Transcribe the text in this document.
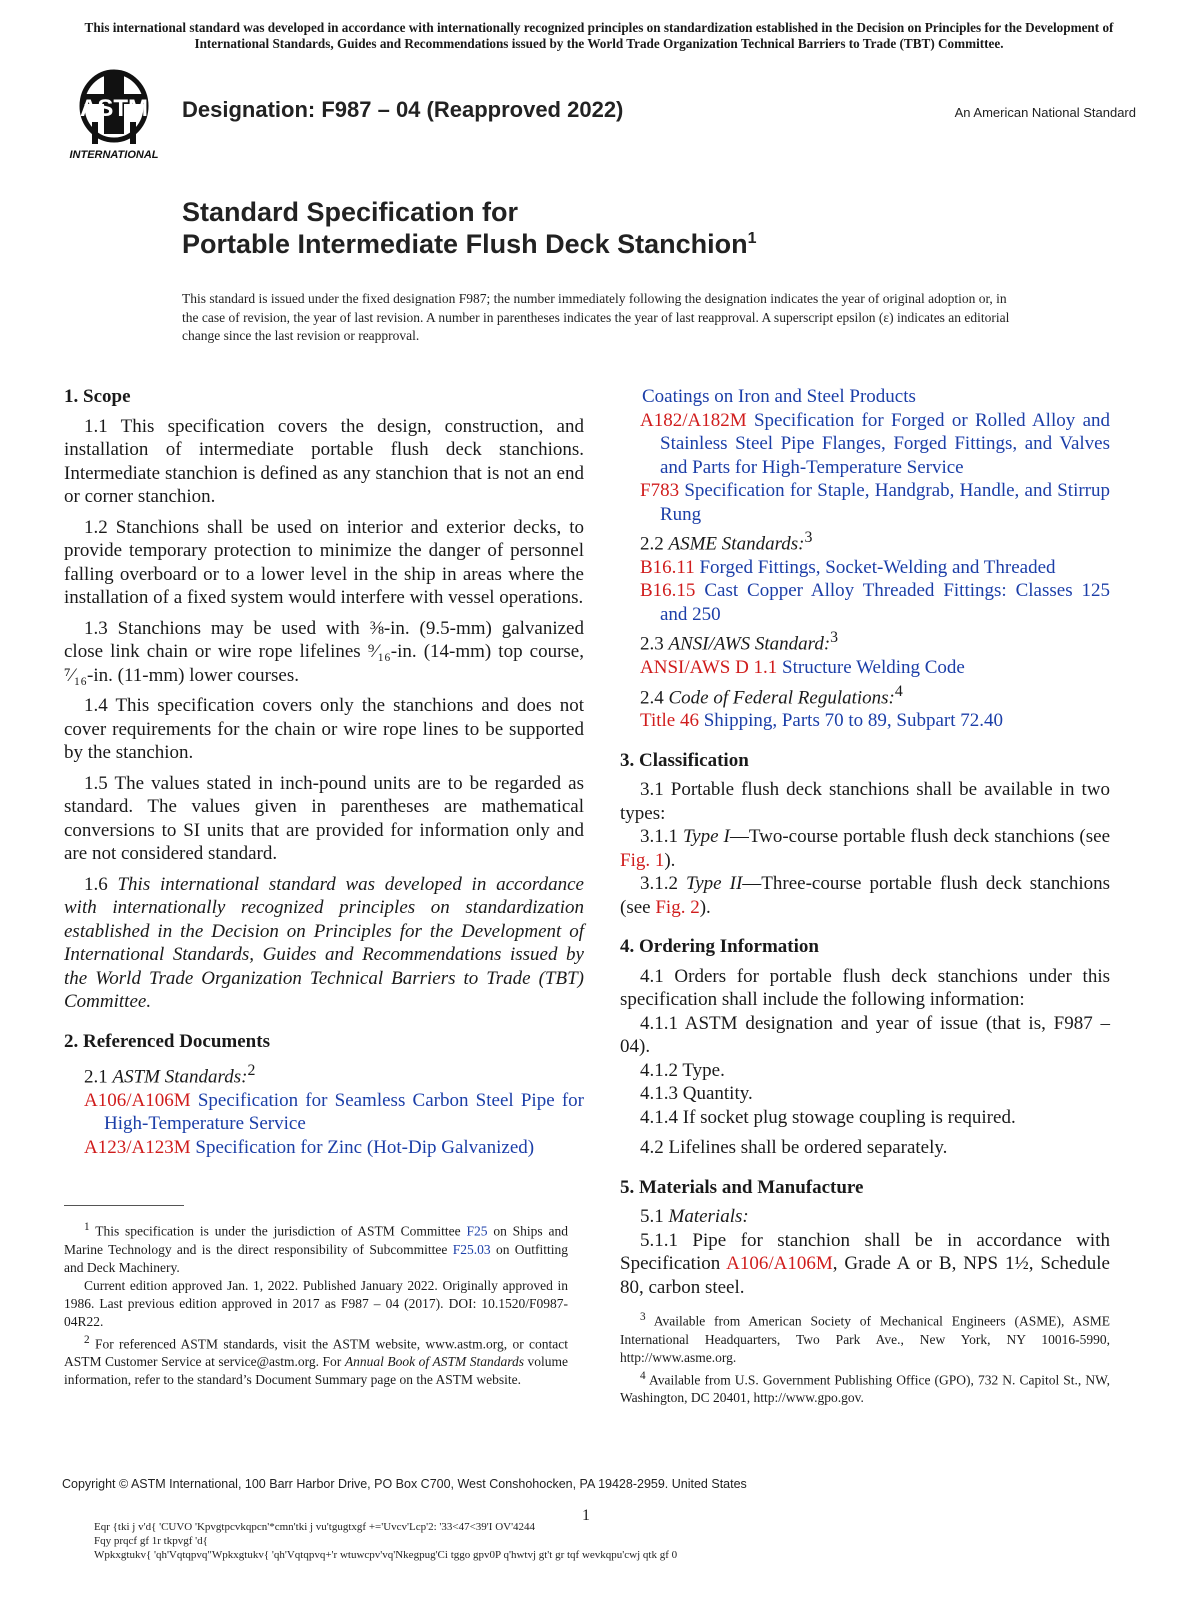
This international standard was developed in accordance with internationally recognized principles on standardization established in the Decision on Principles for the Development of International Standards, Guides and Recommendations issued by the World Trade Organization Technical Barriers to Trade (TBT) Committee.
ASTM
INTERNATIONAL
Designation: F987 – 04 (Reapproved 2022)	An American National Standard
Standard Specification for
Portable Intermediate Flush Deck Stanchion$^1$
This standard is issued under the fixed designation F987; the number immediately following the designation indicates the year of original adoption or, in the case of revision, the year of last revision. A number in parentheses indicates the year of last reapproval. A superscript epsilon (ε) indicates an editorial change since the last revision or reapproval.
1. Scope

1.1 This specification covers the design, construction, and installation of intermediate portable flush deck stanchions. Intermediate stanchion is defined as any stanchion that is not an end or corner stanchion.

1.2 Stanchions shall be used on interior and exterior decks, to provide temporary protection to minimize the danger of personnel falling overboard or to a lower level in the ship in areas where the installation of a fixed system would interfere with vessel operations.

1.3 Stanchions may be used with ⅜-in. (9.5-mm) galvanized close link chain or wire rope lifelines ⁹⁄₁₆-in. (14-mm) top course, ⁷⁄₁₆-in. (11-mm) lower courses.

1.4 This specification covers only the stanchions and does not cover requirements for the chain or wire rope lines to be supported by the stanchion.

1.5 The values stated in inch-pound units are to be regarded as standard. The values given in parentheses are mathematical conversions to SI units that are provided for information only and are not considered standard.

1.6 This international standard was developed in accordance with internationally recognized principles on standardization established in the Decision on Principles for the Development of International Standards, Guides and Recommendations issued by the World Trade Organization Technical Barriers to Trade (TBT) Committee.

2. Referenced Documents

2.1 ASTM Standards:$^2$

A106/A106M Specification for Seamless Carbon Steel Pipe for High-Temperature Service

A123/A123M Specification for Zinc (Hot-Dip Galvanized)

Coatings on Iron and Steel Products

A182/A182M Specification for Forged or Rolled Alloy and Stainless Steel Pipe Flanges, Forged Fittings, and Valves and Parts for High-Temperature Service

F783 Specification for Staple, Handgrab, Handle, and Stirrup Rung

2.2 ASME Standards:$^3$

B16.11 Forged Fittings, Socket-Welding and Threaded

B16.15 Cast Copper Alloy Threaded Fittings: Classes 125 and 250

2.3 ANSI/AWS Standard:$^3$

ANSI/AWS D 1.1 Structure Welding Code

2.4 Code of Federal Regulations:$^4$

Title 46 Shipping, Parts 70 to 89, Subpart 72.40

3. Classification

3.1 Portable flush deck stanchions shall be available in two types:

3.1.1 Type I—Two-course portable flush deck stanchions (see Fig. 1).

3.1.2 Type II—Three-course portable flush deck stanchions (see Fig. 2).

4. Ordering Information

4.1 Orders for portable flush deck stanchions under this specification shall include the following information:

4.1.1 ASTM designation and year of issue (that is, F987 – 04).

4.1.2 Type.

4.1.3 Quantity.

4.1.4 If socket plug stowage coupling is required.

4.2 Lifelines shall be ordered separately.

5. Materials and Manufacture

5.1 Materials:

5.1.1 Pipe for stanchion shall be in accordance with Specification A106/A106M, Grade A or B, NPS 1½, Schedule 80, carbon steel.

$^1$ This specification is under the jurisdiction of ASTM Committee F25 on Ships and Marine Technology and is the direct responsibility of Subcommittee F25.03 on Outfitting and Deck Machinery.

Current edition approved Jan. 1, 2022. Published January 2022. Originally approved in 1986. Last previous edition approved in 2017 as F987 – 04 (2017). DOI: 10.1520/F0987-04R22.

$^2$ For referenced ASTM standards, visit the ASTM website, www.astm.org, or contact ASTM Customer Service at service@astm.org. For Annual Book of ASTM Standards volume information, refer to the standard’s Document Summary page on the ASTM website.

$^3$ Available from American Society of Mechanical Engineers (ASME), ASME International Headquarters, Two Park Ave., New York, NY 10016-5990, http://www.asme.org.

$^4$ Available from U.S. Government Publishing Office (GPO), 732 N. Capitol St., NW, Washington, DC 20401, http://www.gpo.gov.

Copyright © ASTM International, 100 Barr Harbor Drive, PO Box C700, West Conshohocken, PA 19428-2959. United States
1
Eqr {tki j v'd{ 'CUVO 'Kpvgtpcvkqpcn'*cmn'tki j vu'tgugtxgf +='Uvcv'Lcp'2: '33<47<39'I OV'4244
Fqy prqcf gf 1r tkpvgf 'd{
Wpkxgtukv{ 'qh'Vqtqpvq"Wpkxgtukv{ 'qh'Vqtqpvq+'r wtuwcpv'vq'Nkegpug'Ci tggo gpv0P q'hwtvj gt't gr tqf wevkqpu'cwj qtk gf 0
